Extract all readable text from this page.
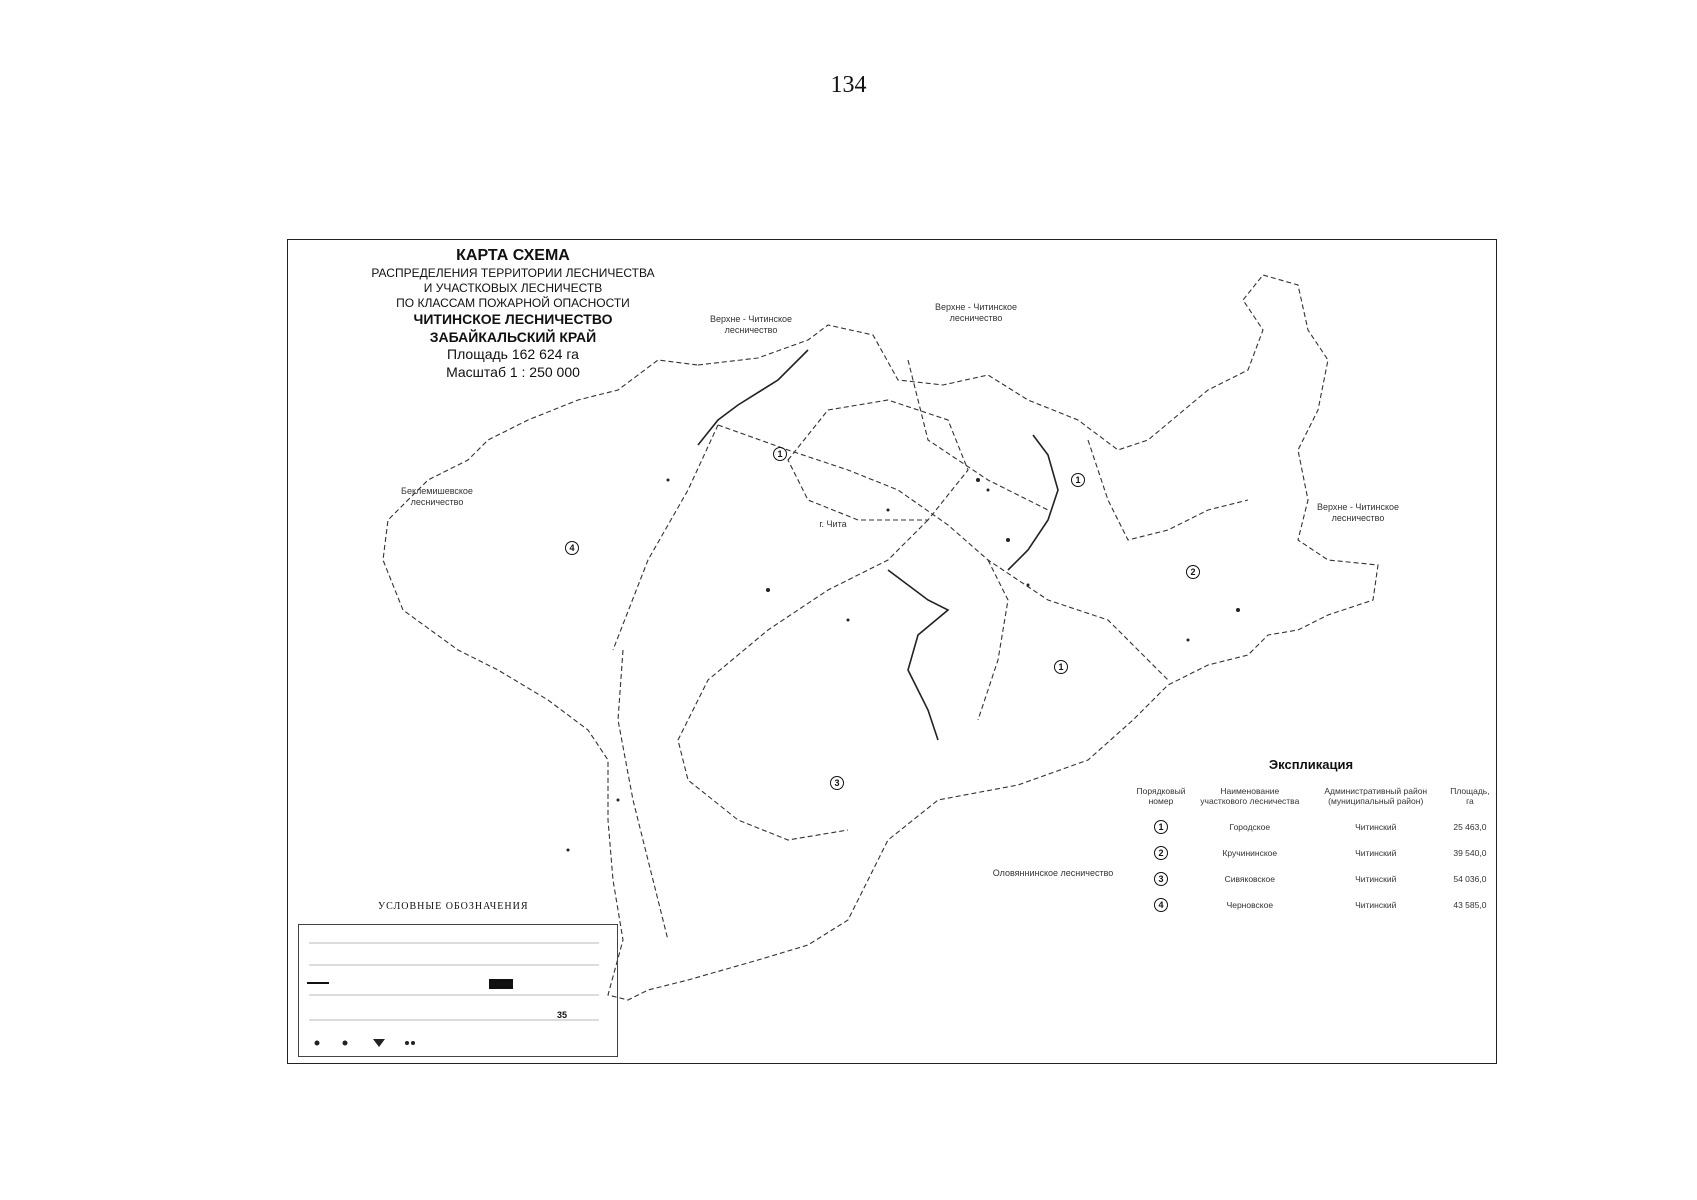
134
КАРТА СХЕМА
РАСПРЕДЕЛЕНИЯ ТЕРРИТОРИИ ЛЕСНИЧЕСТВА
И УЧАСТКОВЫХ ЛЕСНИЧЕСТВ
ПО КЛАССАМ ПОЖАРНОЙ ОПАСНОСТИ
ЧИТИНСКОЕ ЛЕСНИЧЕСТВО
ЗАБАЙКАЛЬСКИЙ КРАЙ
Площадь 162 624 га
Масштаб 1 : 250 000
Верхне - Читинское лесничество
Верхне - Читинское лесничество
Верхне - Читинское лесничество
Беклемишевское лесничество
Оловяннинское лесничество
г. Чита
1
1
1
2
3
4
Экспликация
Порядковый номер	Наименование участкового лесничества	Административный район (муниципальный район)	Площадь, га
1	Городское	Читинский	25 463,0
2	Кручининское	Читинский	39 540,0
3	Сивяковское	Читинский	54 036,0
4	Черновское	Читинский	43 585,0
УСЛОВНЫЕ ОБОЗНАЧЕНИЯ
35
